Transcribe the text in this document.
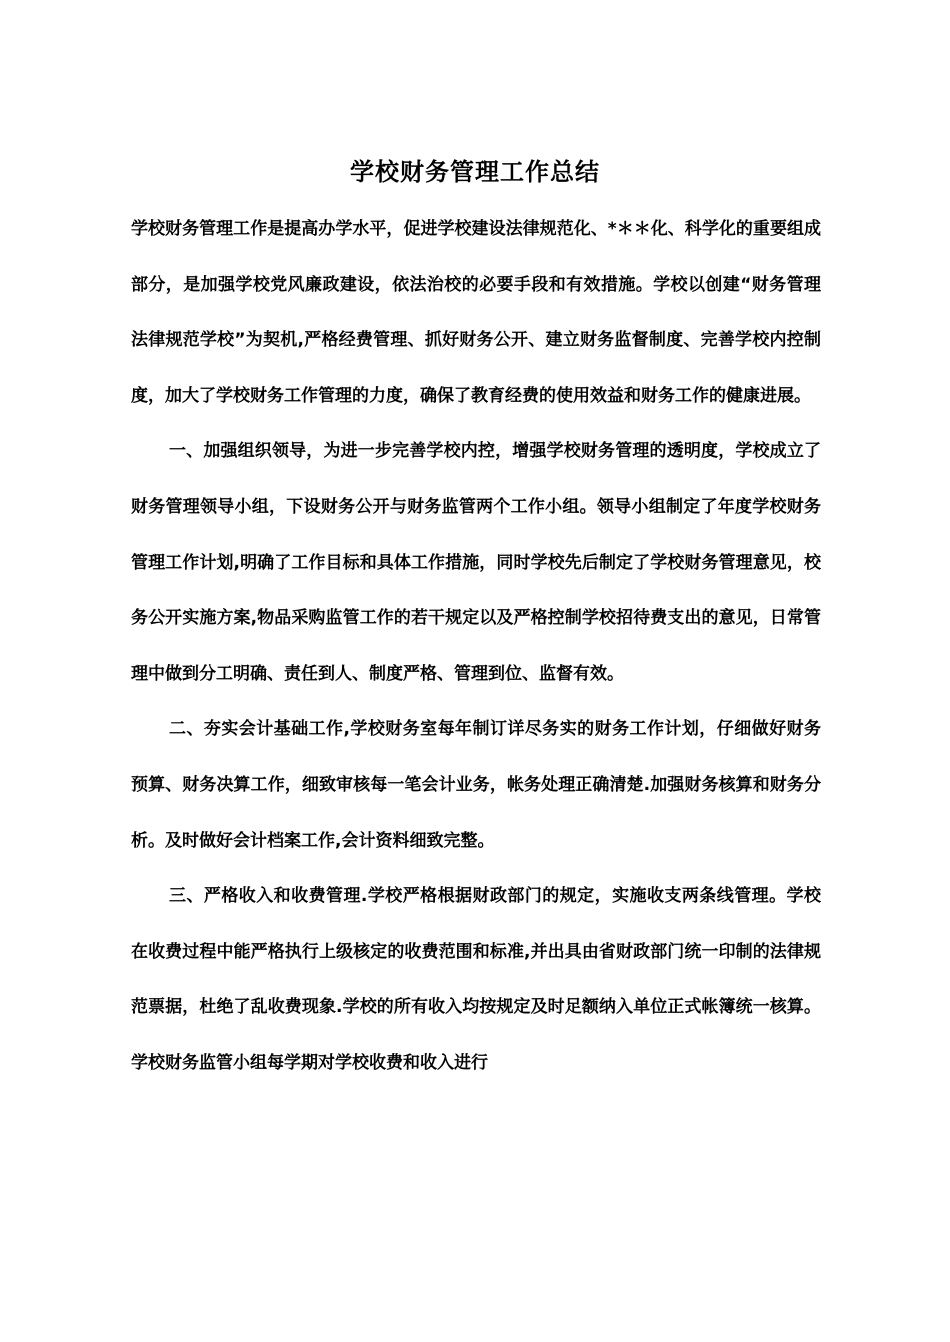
学校财务管理工作总结

学校财务管理工作是提高办学水平，促进学校建设法律规范化、*＊＊化、科学化的重要组成部分，是加强学校党风廉政建设，依法治校的必要手段和有效措施。学校以创建“财务管理法律规范学校”为契机,严格经费管理、抓好财务公开、建立财务监督制度、完善学校内控制度，加大了学校财务工作管理的力度，确保了教育经费的使用效益和财务工作的健康进展。

一、加强组织领导，为进一步完善学校内控，增强学校财务管理的透明度，学校成立了财务管理领导小组，下设财务公开与财务监管两个工作小组。领导小组制定了年度学校财务管理工作计划,明确了工作目标和具体工作措施，同时学校先后制定了学校财务管理意见，校务公开实施方案,物品采购监管工作的若干规定以及严格控制学校招待费支出的意见，日常管理中做到分工明确、责任到人、制度严格、管理到位、监督有效。

二、夯实会计基础工作,学校财务室每年制订详尽务实的财务工作计划，仔细做好财务预算、财务决算工作，细致审核每一笔会计业务，帐务处理正确清楚.加强财务核算和财务分析。及时做好会计档案工作,会计资料细致完整。

三、严格收入和收费管理.学校严格根据财政部门的规定，实施收支两条线管理。学校在收费过程中能严格执行上级核定的收费范围和标准,并出具由省财政部门统一印制的法律规范票据，杜绝了乱收费现象.学校的所有收入均按规定及时足额纳入单位正式帐簿统一核算。学校财务监管小组每学期对学校收费和收入进行
